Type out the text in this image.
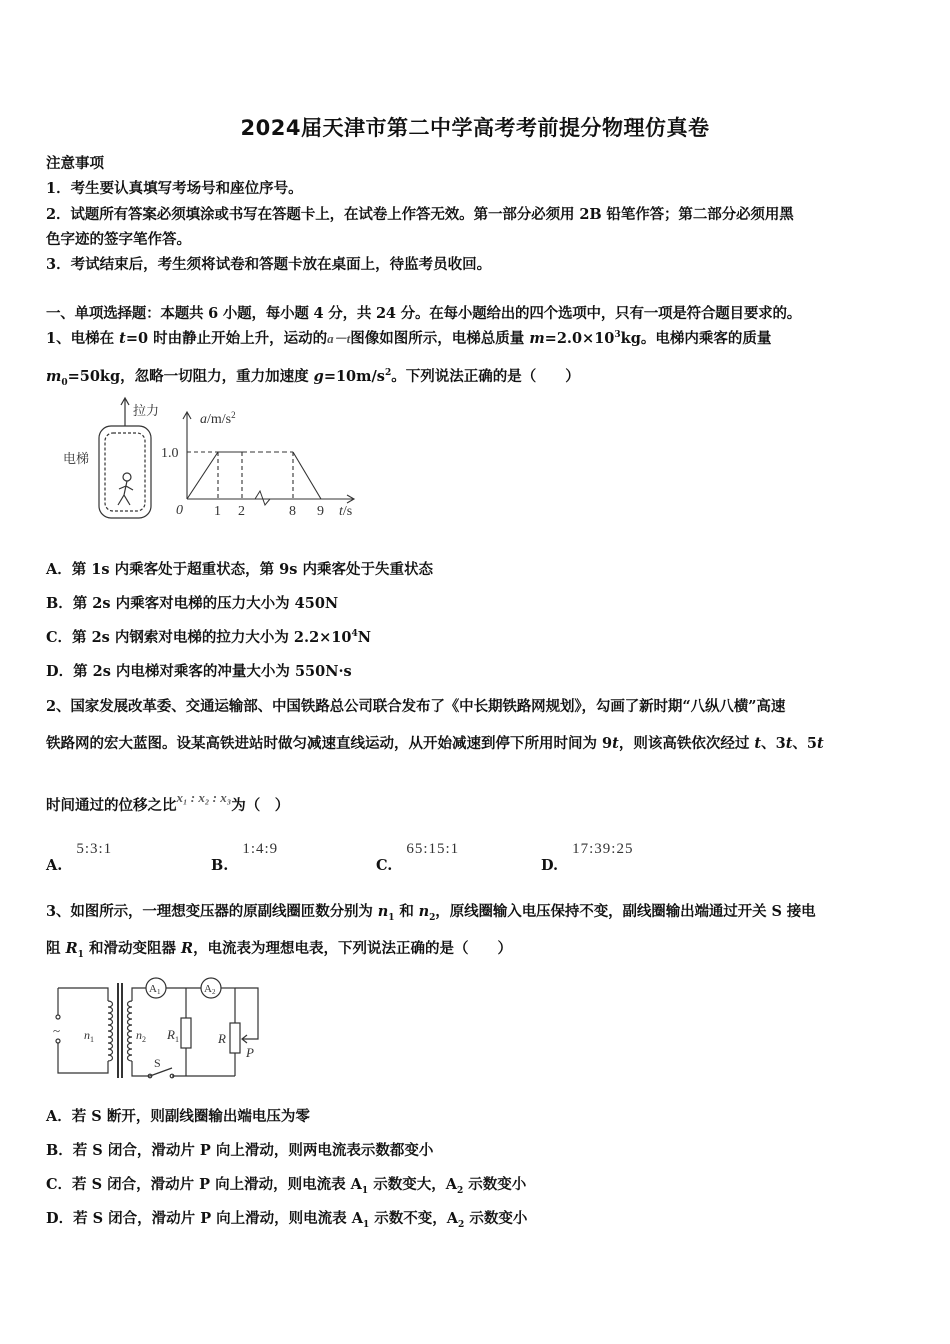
2024届天津市第二中学高考考前提分物理仿真卷
注意事项
1．考生要认真填写考场号和座位序号。
2．试题所有答案必须填涂或书写在答题卡上，在试卷上作答无效。第一部分必须用 2B 铅笔作答；第二部分必须用黑
色字迹的签字笔作答。
3．考试结束后，考生须将试卷和答题卡放在桌面上，待监考员收回。
一、单项选择题：本题共 6 小题，每小题 4 分，共 24 分。在每小题给出的四个选项中，只有一项是符合题目要求的。
1、电梯在 t=0 时由静止开始上升，运动的a－t图像如图所示，电梯总质量 $m=2.0\times 10^3kg$。电梯内乘客的质量
$m_0=50kg$，忽略一切阻力，重力加速度 $g=10m/s^2$。下列说法正确的是（　　）
拉力
电梯
$a/m/s^2$
1.0
0 1 2	8 9 t/s
A．第 1s 内乘客处于超重状态，第 9s 内乘客处于失重状态
B．第 2s 内乘客对电梯的压力大小为 450N
C．第 2s 内钢索对电梯的拉力大小为 $2.2\times 10^4N$
D．第 2s 内电梯对乘客的冲量大小为 550N·s
2、国家发展改革委、交通运输部、中国铁路总公司联合发布了《中长期铁路网规划》，勾画了新时期“八纵八横”高速
铁路网的宏大蓝图。设某高铁进站时做匀减速直线运动，从开始减速到停下所用时间为 9t，则该高铁依次经过 t、3t、5t
时间通过的位移之比x₁ : x₂ : x₃为（　）
A.5:3:1
B.1:4:9
C.65:15:1
D.17:39:25
3、如图所示，一理想变压器的原副线圈匝数分别为 $n_1$ 和 $n_2$，原线圈输入电压保持不变，副线圈输出端通过开关 S 接电
阻 $R_1$ 和滑动变阻器 R，电流表为理想电表，下列说法正确的是（　　）
~ $n_1$	$n_2$
A1	A2
$R_1$	R
P
S
A．若 S 断开，则副线圈输出端电压为零
B．若 S 闭合，滑动片 P 向上滑动，则两电流表示数都变小
C．若 S 闭合，滑动片 P 向上滑动，则电流表 $A_1$ 示数变大，$A_2$ 示数变小
D．若 S 闭合，滑动片 P 向上滑动，则电流表 $A_1$ 示数不变，$A_2$ 示数变小
